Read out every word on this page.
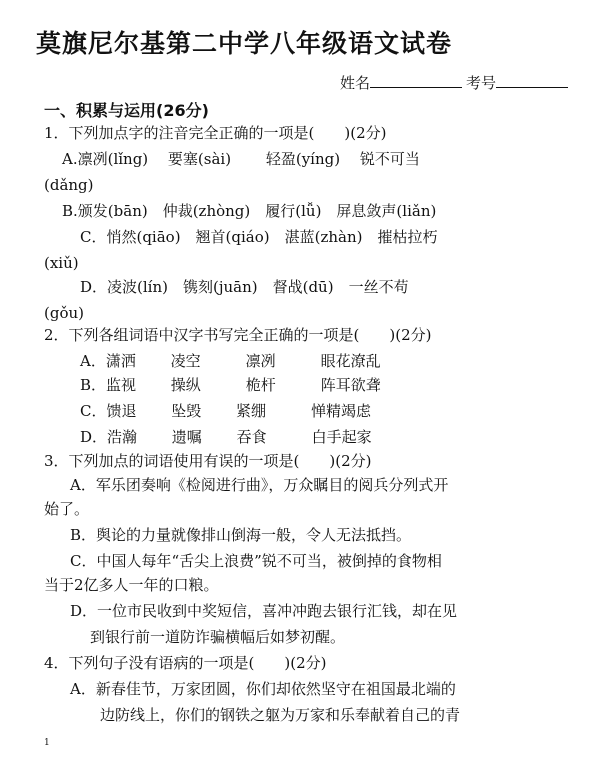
莫旗尼尔基第二中学八年级语文试卷
姓名	考号
一、积累与运用(26分)
1．下列加点字的注音完全正确的一项是(　　)(2分)
A.凛冽(lǐng)　 要塞(sài)　　 轻盈(yíng)　 锐不可当
(dǎng)
B.颁发(bān)　仲裁(zhòng)　履行(lǚ)　屏息敛声(liǎn)
C．悄然(qiāo)　翘首(qiáo)　湛蓝(zhàn)　摧枯拉朽
(xiǔ)
D．凌波(lín)　镌刻(juān)　督战(dū)　一丝不苟
(gǒu)
2．下列各组词语中汉字书写完全正确的一项是(　　)(2分)
A．潇洒　　 凌空　　　凛冽　　　眼花潦乱
B．监视　　 操纵　　　桅杆　　　阵耳欲聋
C．馈退　　 坠毁　　 紧绷　　　惮精竭虑
D．浩瀚　　 遗嘱　　 吞食　　　白手起家
3．下列加点的词语使用有误的一项是(　　)(2分)
A．军乐团奏响《检阅进行曲》，万众瞩目的阅兵分列式开
始了。
B．舆论的力量就像排山倒海一般，令人无法抵挡。
C．中国人每年“舌尖上浪费”锐不可当，被倒掉的食物相
当于2亿多人一年的口粮。
D．一位市民收到中奖短信，喜冲冲跑去银行汇钱，却在见
到银行前一道防诈骗横幅后如梦初醒。
4．下列句子没有语病的一项是(　　)(2分)
A．新春佳节，万家团圆，你们却依然坚守在祖国最北端的
边防线上，你们的钢铁之躯为万家和乐奉献着自己的青
1
